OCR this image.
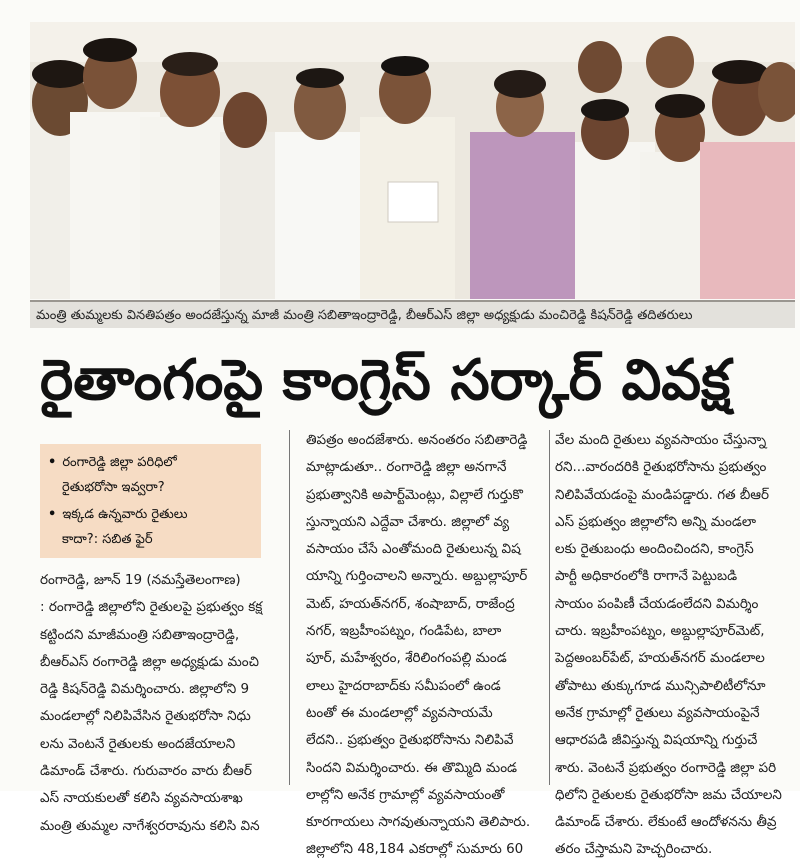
మంత్రి తుమ్మలకు వినతిపత్రం అందజేస్తున్న మాజీ మంత్రి సబితాఇంద్రారెడ్డి, బీఆర్ఎస్ జిల్లా అధ్యక్షుడు మంచిరెడ్డి కిషన్‌రెడ్డి తదితరులు
రైతాంగంపై కాంగ్రెస్ సర్కార్ వివక్ష
• రంగారెడ్డి జిల్లా పరిధిలో
రైతుభరోసా ఇవ్వరా?
• ఇక్కడ ఉన్నవారు రైతులు
కాదా?: సబిత ఫైర్
రంగారెడ్డి, జూన్ 19 (నమస్తేతెలంగాణ)
: రంగారెడ్డి జిల్లాలోని రైతులపై ప్రభుత్వం కక్ష
కట్టిందని మాజీమంత్రి సబితాఇంద్రారెడ్డి,
బీఆర్ఎస్ రంగారెడ్డి జిల్లా అధ్యక్షుడు మంచి
రెడ్డి కిషన్‌రెడ్డి విమర్శించారు. జిల్లాలోని 9
మండలాల్లో నిలిపివేసిన రైతుభరోసా నిధు
లను వెంటనే రైతులకు అందజేయాలని
డిమాండ్ చేశారు. గురువారం వారు బీఆర్
ఎస్ నాయకులతో కలిసి వ్యవసాయశాఖ
మంత్రి తుమ్మల నాగేశ్వరరావును కలిసి విన
తిపత్రం అందజేశారు. అనంతరం సబితారెడ్డి
మాట్లాడుతూ.. రంగారెడ్డి జిల్లా అనగానే
ప్రభుత్వానికి అపార్ట్‌మెంట్లు, విల్లాలే గుర్తుకొ
స్తున్నాయని ఎద్దేవా చేశారు. జిల్లాలో వ్య
వసాయం చేసే ఎంతోమంది రైతులున్న విష
యాన్ని గుర్తించాలని అన్నారు. అబ్దుల్లాపూర్
మెట్, హయత్‌నగర్, శంషాబాద్, రాజేంద్ర
నగర్, ఇబ్రహీంపట్నం, గండిపేట, బాలా
పూర్, మహేశ్వరం, శేరిలింగంపల్లి మండ
లాలు హైదరాబాద్‌కు సమీపంలో ఉండ
టంతో ఈ మండలాల్లో వ్యవసాయమే
లేదని.. ప్రభుత్వం రైతుభరోసాను నిలిపివే
సిందని విమర్శించారు. ఈ తొమ్మిది మండ
లాల్లోని అనేక గ్రామాల్లో వ్యవసాయంతో
కూరగాయలు సాగవుతున్నాయని తెలిపారు.
జిల్లాలోని 48,184 ఎకరాల్లో సుమారు 60
వేల మంది రైతులు వ్యవసాయం చేస్తున్నా
రని...వారందరికి రైతుభరోసాను ప్రభుత్వం
నిలిపివేయడంపై మండిపడ్డారు. గత బీఆర్
ఎస్ ప్రభుత్వం జిల్లాలోని అన్ని మండలా
లకు రైతుబంధు అందించిందని, కాంగ్రెస్
పార్టీ అధికారంలోకి రాగానే పెట్టుబడి
సాయం పంపిణీ చేయడంలేదని విమర్శిం
చారు. ఇబ్రహీంపట్నం, అబ్దుల్లాపూర్‌మెట్,
పెద్దఅంబర్‌పేట్, హయత్‌నగర్ మండలాల
తోపాటు తుక్కుగూడ మున్సిపాలిటీలోనూ
అనేక గ్రామాల్లో రైతులు వ్యవసాయంపైనే
ఆధారపడి జీవిస్తున్న విషయాన్ని గుర్తుచే
శారు. వెంటనే ప్రభుత్వం రంగారెడ్డి జిల్లా పరి
ధిలోని రైతులకు రైతుభరోసా జమ చేయాలని
డిమాండ్ చేశారు. లేకుంటే ఆందోళనను తీవ్ర
తరం చేస్తామని హెచ్చరించారు.
